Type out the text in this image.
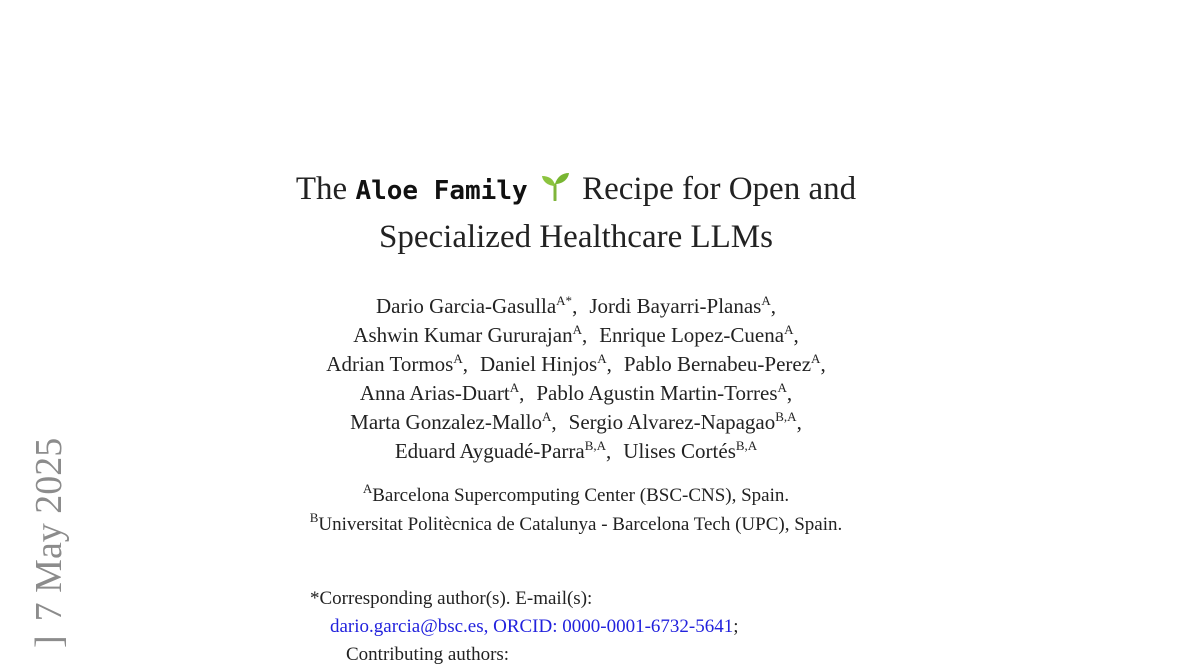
]7 May 2025
The Aloe Family Recipe for Open and
Specialized Healthcare LLMs
Dario Garcia-Gasulla$^{A*}$, Jordi Bayarri-Planas$^A$,
Ashwin Kumar Gururajan$^A$, Enrique Lopez-Cuena$^A$,
Adrian Tormos$^A$, Daniel Hinjos$^A$, Pablo Bernabeu-Perez$^A$,
Anna Arias-Duart$^A$, Pablo Agustin Martin-Torres$^A$,
Marta Gonzalez-Mallo$^A$, Sergio Alvarez-Napagao$^{B,A}$,
Eduard Ayguadé-Parra$^{B,A}$, Ulises Cortés$^{B,A}$
$^A$Barcelona Supercomputing Center (BSC-CNS), Spain.
$^B$Universitat Politècnica de Catalunya - Barcelona Tech (UPC), Spain.
*Corresponding author(s). E-mail(s):
dario.garcia@bsc.es, ORCID: 0000-0001-6732-5641;
Contributing authors:
